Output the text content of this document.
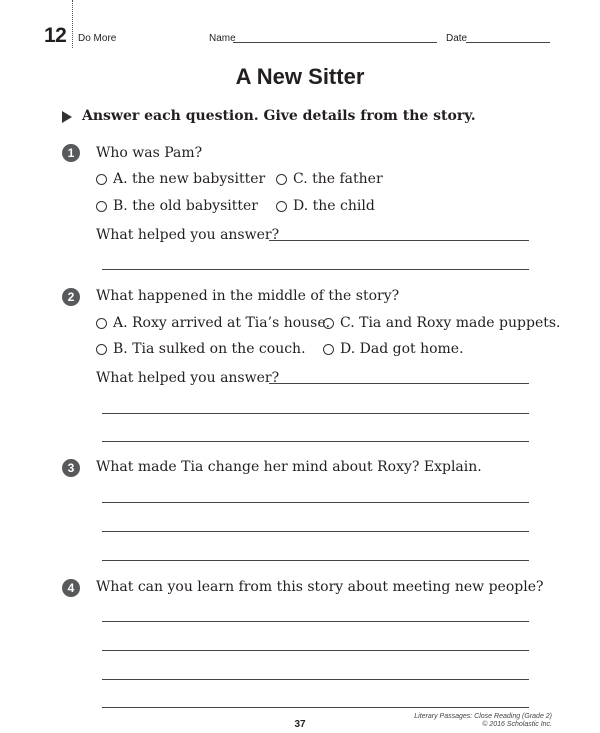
12 Do More	Name	Date
A New Sitter
Answer each question. Give details from the story.
1	Who was Pam?
A. the new babysitter C. the father
B. the old babysitter	D. the child
What helped you answer?
2	What happened in the middle of the story?
A. Roxy arrived at Tia’s house. C. Tia and Roxy made puppets.
B. Tia sulked on the couch. D. Dad got home.
What helped you answer?
3	What made Tia change her mind about Roxy? Explain.
4	What can you learn from this story about meeting new people?
37
Literary Passages: Close Reading (Grade 2)
© 2016 Scholastic Inc.
